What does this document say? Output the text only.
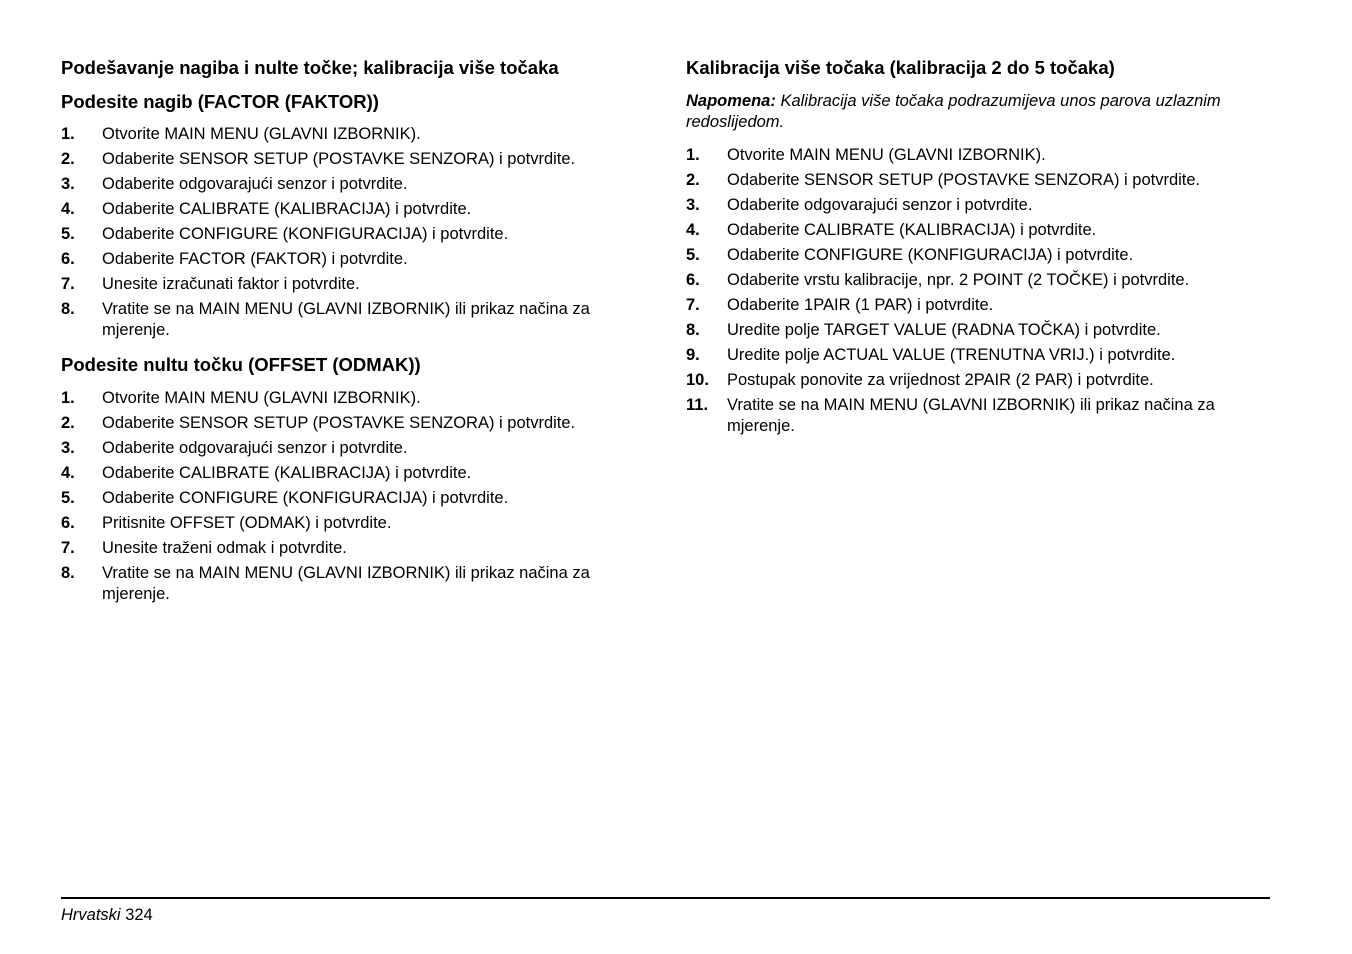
Podešavanje nagiba i nulte točke; kalibracija više točaka
Podesite nagib (FACTOR (FAKTOR))
1. Otvorite MAIN MENU (GLAVNI IZBORNIK).
2. Odaberite SENSOR SETUP (POSTAVKE SENZORA) i potvrdite.
3. Odaberite odgovarajući senzor i potvrdite.
4. Odaberite CALIBRATE (KALIBRACIJA) i potvrdite.
5. Odaberite CONFIGURE (KONFIGURACIJA) i potvrdite.
6. Odaberite FACTOR (FAKTOR) i potvrdite.
7. Unesite izračunati faktor i potvrdite.
8. Vratite se na MAIN MENU (GLAVNI IZBORNIK) ili prikaz načina za mjerenje.
Podesite nultu točku (OFFSET (ODMAK))
1. Otvorite MAIN MENU (GLAVNI IZBORNIK).
2. Odaberite SENSOR SETUP (POSTAVKE SENZORA) i potvrdite.
3. Odaberite odgovarajući senzor i potvrdite.
4. Odaberite CALIBRATE (KALIBRACIJA) i potvrdite.
5. Odaberite CONFIGURE (KONFIGURACIJA) i potvrdite.
6. Pritisnite OFFSET (ODMAK) i potvrdite.
7. Unesite traženi odmak i potvrdite.
8. Vratite se na MAIN MENU (GLAVNI IZBORNIK) ili prikaz načina za mjerenje.
Kalibracija više točaka (kalibracija 2 do 5 točaka)

Napomena: Kalibracija više točaka podrazumijeva unos parova uzlaznim redoslijedom.

1. Otvorite MAIN MENU (GLAVNI IZBORNIK).
2. Odaberite SENSOR SETUP (POSTAVKE SENZORA) i potvrdite.
3. Odaberite odgovarajući senzor i potvrdite.
4. Odaberite CALIBRATE (KALIBRACIJA) i potvrdite.
5. Odaberite CONFIGURE (KONFIGURACIJA) i potvrdite.
6. Odaberite vrstu kalibracije, npr. 2 POINT (2 TOČKE) i potvrdite.
7. Odaberite 1PAIR (1 PAR) i potvrdite.
8. Uredite polje TARGET VALUE (RADNA TOČKA) i potvrdite.
9. Uredite polje ACTUAL VALUE (TRENUTNA VRIJ.) i potvrdite.
10. Postupak ponovite za vrijednost 2PAIR (2 PAR) i potvrdite.
11. Vratite se na MAIN MENU (GLAVNI IZBORNIK) ili prikaz načina za mjerenje.
Hrvatski 324
